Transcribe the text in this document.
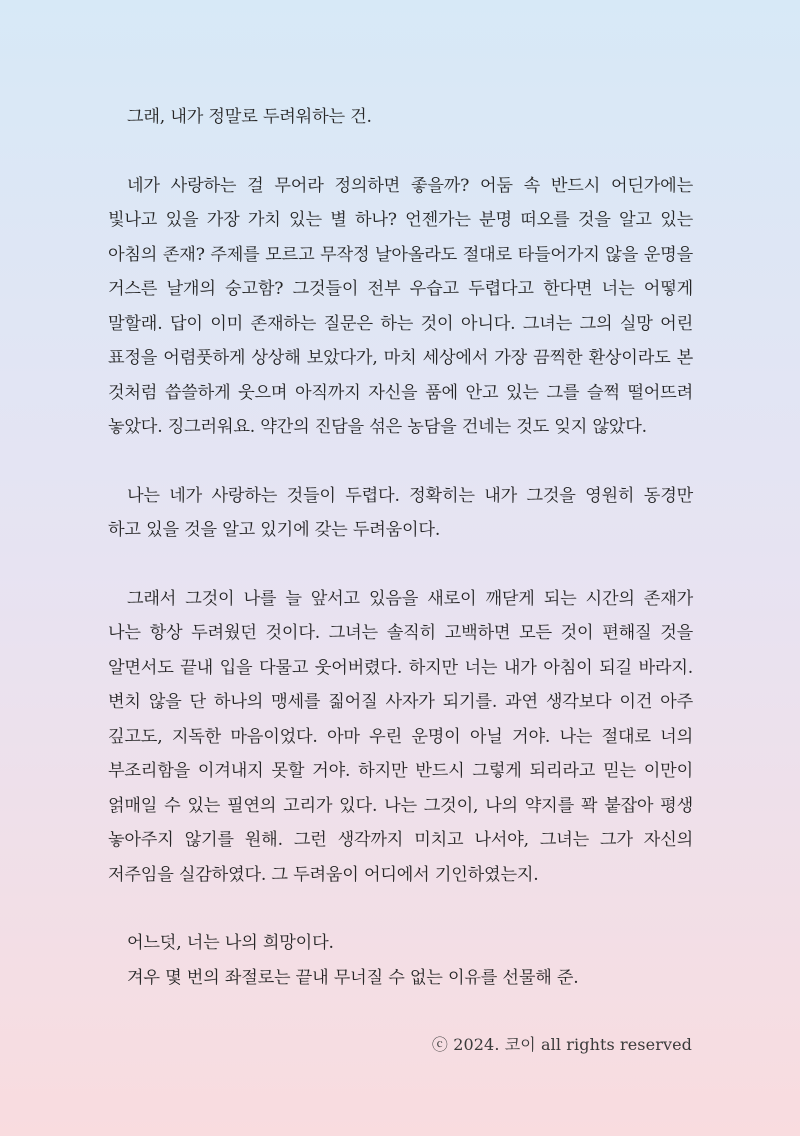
그래, 내가 정말로 두려워하는 건.

네가 사랑하는 걸 무어라 정의하면 좋을까? 어둠 속 반드시 어딘가에는 빛나고 있을 가장 가치 있는 별 하나? 언젠가는 분명 떠오를 것을 알고 있는 아침의 존재? 주제를 모르고 무작정 날아올라도 절대로 타들어가지 않을 운명을 거스른 날개의 숭고함? 그것들이 전부 우습고 두렵다고 한다면 너는 어떻게 말할래. 답이 이미 존재하는 질문은 하는 것이 아니다. 그녀는 그의 실망 어린 표정을 어렴풋하게 상상해 보았다가, 마치 세상에서 가장 끔찍한 환상이라도 본 것처럼 씁쓸하게 웃으며 아직까지 자신을 품에 안고 있는 그를 슬쩍 떨어뜨려 놓았다. 징그러워요. 약간의 진담을 섞은 농담을 건네는 것도 잊지 않았다.

나는 네가 사랑하는 것들이 두렵다. 정확히는 내가 그것을 영원히 동경만 하고 있을 것을 알고 있기에 갖는 두려움이다.

그래서 그것이 나를 늘 앞서고 있음을 새로이 깨닫게 되는 시간의 존재가 나는 항상 두려웠던 것이다. 그녀는 솔직히 고백하면 모든 것이 편해질 것을 알면서도 끝내 입을 다물고 웃어버렸다. 하지만 너는 내가 아침이 되길 바라지. 변치 않을 단 하나의 맹세를 짊어질 사자가 되기를. 과연 생각보다 이건 아주 깊고도, 지독한 마음이었다. 아마 우린 운명이 아닐 거야. 나는 절대로 너의 부조리함을 이겨내지 못할 거야. 하지만 반드시 그렇게 되리라고 믿는 이만이 얽매일 수 있는 필연의 고리가 있다. 나는 그것이, 나의 약지를 꽉 붙잡아 평생 놓아주지 않기를 원해. 그런 생각까지 미치고 나서야, 그녀는 그가 자신의 저주임을 실감하였다. 그 두려움이 어디에서 기인하였는지.

어느덧, 너는 나의 희망이다.
겨우 몇 번의 좌절로는 끝내 무너질 수 없는 이유를 선물해 준.
ⓒ 2024. 코이 all rights reserved
